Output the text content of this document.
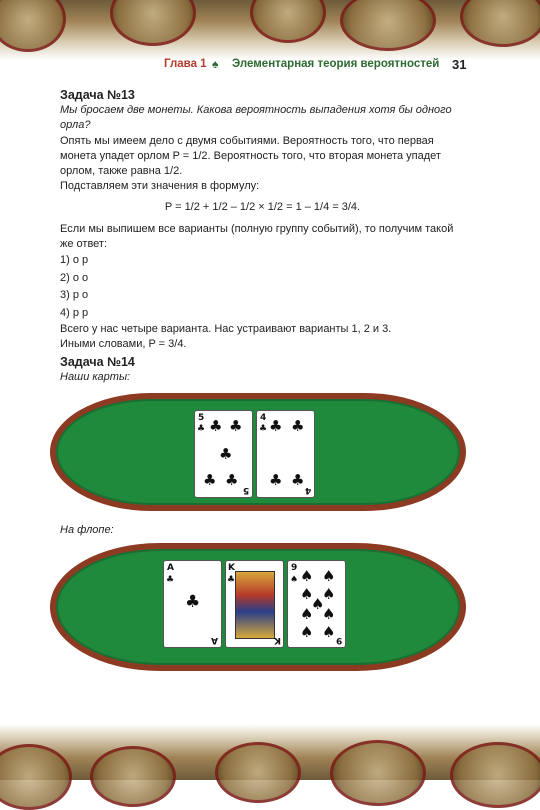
Глава 1 ♠ Элементарная теория вероятностей 31
Задача №13
Мы бросаем две монеты. Какова вероятность выпадения хотя бы одного орла?
Опять мы имеем дело с двумя событиями. Вероятность того, что первая монета упадет орлом P = 1/2. Вероятность того, что вторая монета упадет орлом, также равна 1/2.
Подставляем эти значения в формулу:
P = 1/2 + 1/2 – 1/2 × 1/2 = 1 – 1/4 = 3/4.
Если мы выпишем все варианты (полную группу событий), то получим такой же ответ:
1) о р
2) о о
3) р о
4) р р
Всего у нас четыре варианта. Нас устраивают варианты 1, 2 и 3.
Иными словами, P = 3/4.
Задача №14
Наши карты:
5
♣ ♣ ♣
♣
♣ ♣
5
4
♣ ♣ ♣
♣ ♣
4
На флопе:
A
♣
♣
A
K
♣
K
9
♠ ♠ ♠
♠ ♠
♠
♠ ♠
♠ ♠ 9
